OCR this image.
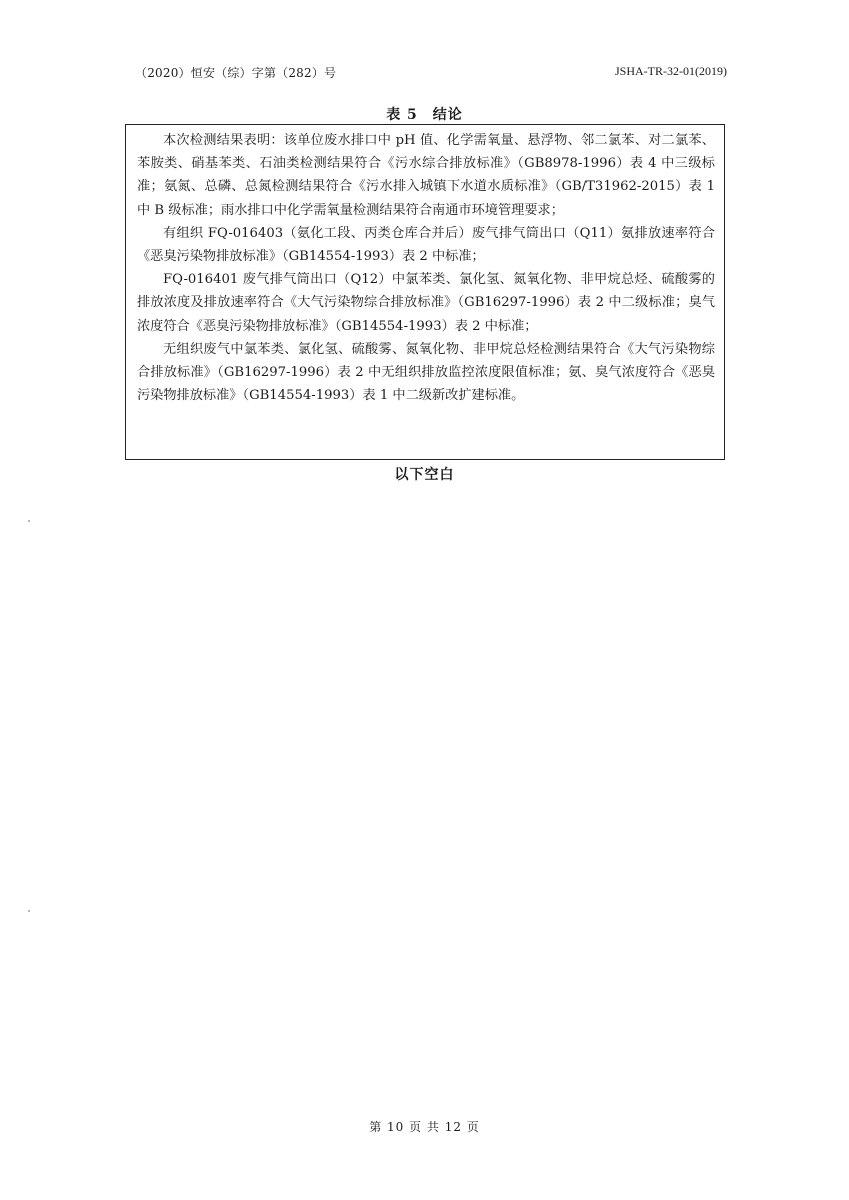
（2020）恒安（综）字第（282）号	JSHA-TR-32-01(2019)
表 5　结论

本次检测结果表明：该单位废水排口中 pH 值、化学需氧量、悬浮物、邻二氯苯、对二氯苯、苯胺类、硝基苯类、石油类检测结果符合《污水综合排放标准》（GB8978-1996）表 4 中三级标准；氨氮、总磷、总氮检测结果符合《污水排入城镇下水道水质标准》（GB/T31962-2015）表 1 中 B 级标准；雨水排口中化学需氧量检测结果符合南通市环境管理要求；

有组织 FQ-016403（氨化工段、丙类仓库合并后）废气排气筒出口（Q11）氨排放速率符合《恶臭污染物排放标准》（GB14554-1993）表 2 中标准；

FQ-016401 废气排气筒出口（Q12）中氯苯类、氯化氢、氮氧化物、非甲烷总烃、硫酸雾的排放浓度及排放速率符合《大气污染物综合排放标准》（GB16297-1996）表 2 中二级标准；臭气浓度符合《恶臭污染物排放标准》（GB14554-1993）表 2 中标准；

无组织废气中氯苯类、氯化氢、硫酸雾、氮氧化物、非甲烷总烃检测结果符合《大气污染物综合排放标准》（GB16297-1996）表 2 中无组织排放监控浓度限值标准；氨、臭气浓度符合《恶臭污染物排放标准》（GB14554-1993）表 1 中二级新改扩建标准。

以下空白
第 10 页 共 12 页
